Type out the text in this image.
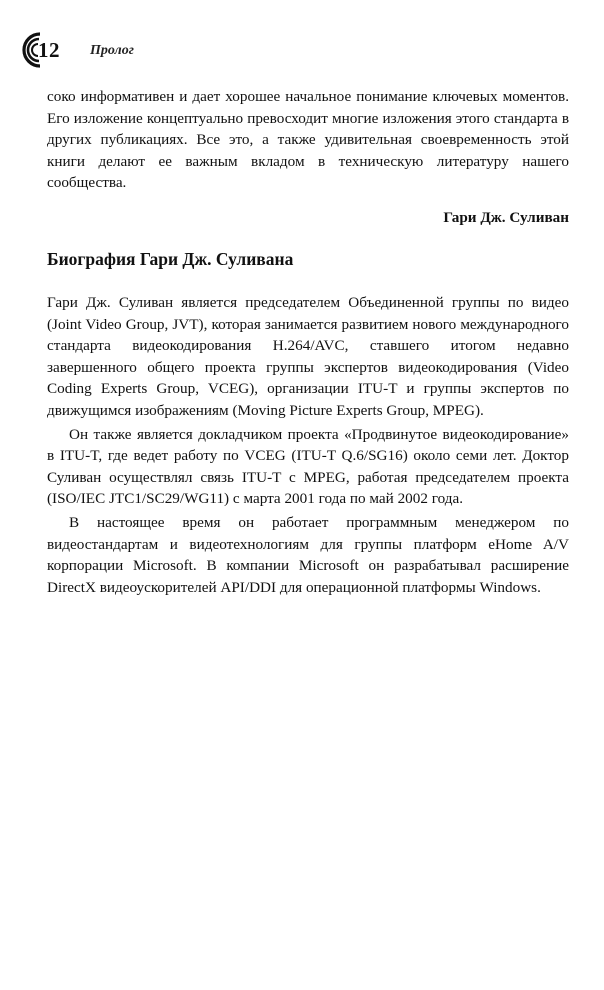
12 Пролог

соко информативен и дает хорошее начальное понимание ключевых моментов. Его изложение концептуально превосходит многие изложения этого стандарта в других публикациях. Все это, а также удивительная своевременность этой книги делают ее важным вкладом в техническую литературу нашего сообщества.

Гари Дж. Суливан
Биография Гари Дж. Суливана

Гари Дж. Суливан является председателем Объединенной группы по видео (Joint Video Group, JVT), которая занимается развитием нового международного стандарта видеокодирования H.264/AVC, ставшего итогом недавно завершенного общего проекта группы экспертов видеокодирования (Video Coding Experts Group, VCEG), организации ITU-T и группы экспертов по движущимся изображениям (Moving Picture Experts Group, MPEG).

Он также является докладчиком проекта «Продвинутое видеокодирование» в ITU-T, где ведет работу по VCEG (ITU-T Q.6/SG16) около семи лет. Доктор Суливан осуществлял связь ITU-T с MPEG, работая председателем проекта (ISO/IEC JTC1/SC29/WG11) с марта 2001 года по май 2002 года.

В настоящее время он работает программным менеджером по видеостандартам и видеотехнологиям для группы платформ eHome A/V корпорации Microsoft. В компании Microsoft он разрабатывал расширение DirectX видеоускорителей API/DDI для операционной платформы Windows.
